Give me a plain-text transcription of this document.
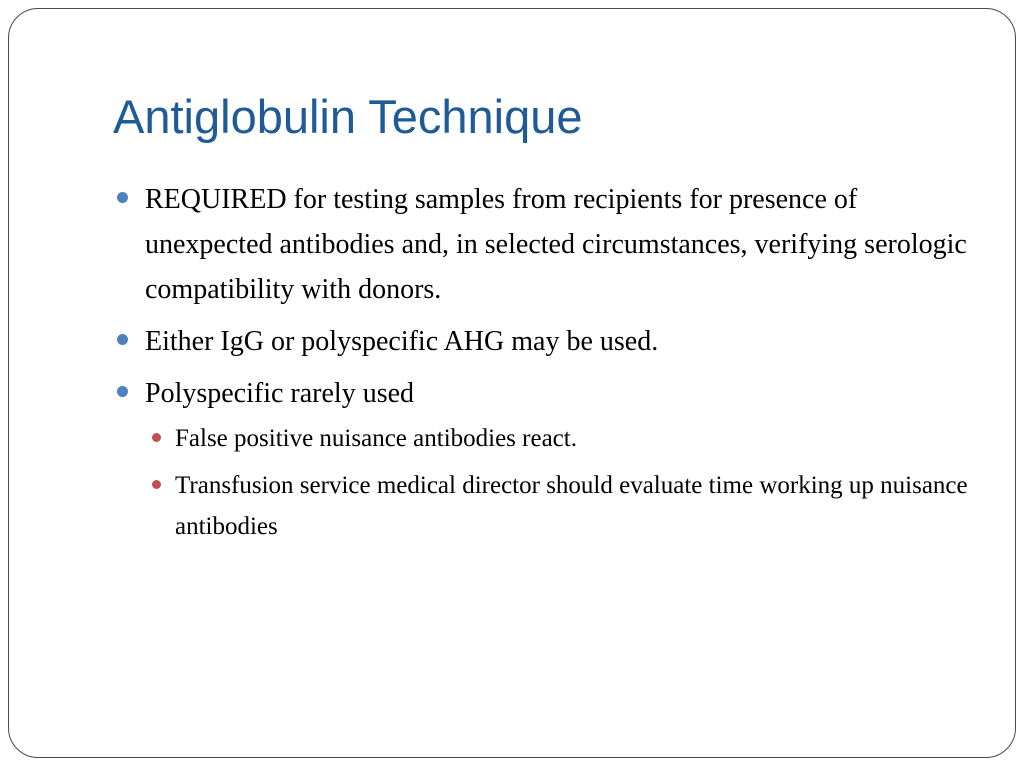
Antiglobulin Technique
REQUIRED for testing samples from recipients for presence of unexpected antibodies and, in selected circumstances, verifying serologic compatibility with donors.
Either IgG or polyspecific AHG may be used.
Polyspecific rarely used
False positive nuisance antibodies react.
Transfusion service medical director should evaluate time working up nuisance antibodies
